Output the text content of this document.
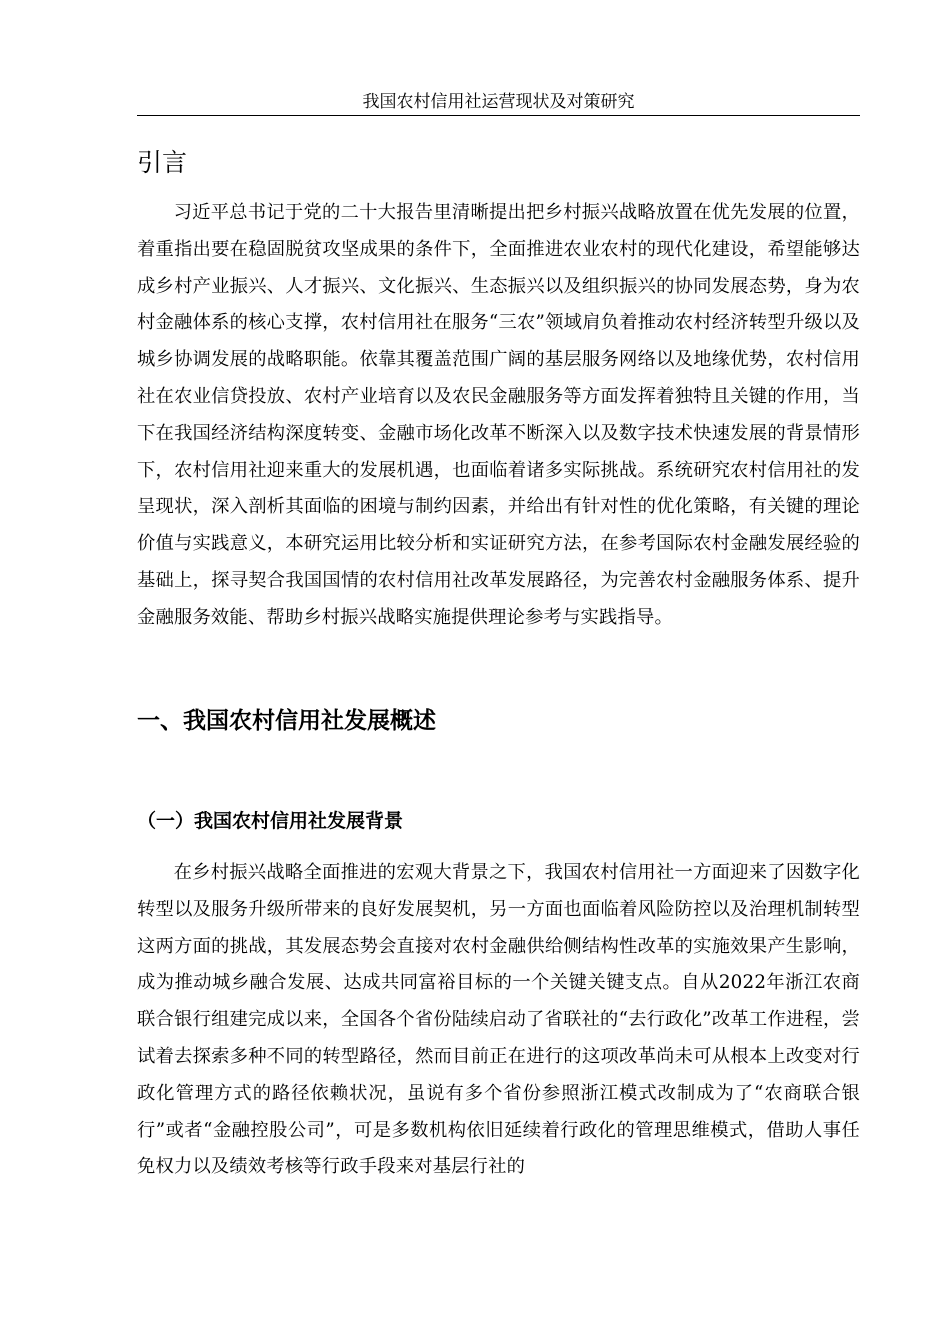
我国农村信用社运营现状及对策研究
引言

习近平总书记于党的二十大报告里清晰提出把乡村振兴战略放置在优先发展的位置，着重指出要在稳固脱贫攻坚成果的条件下，全面推进农业农村的现代化建设，希望能够达成乡村产业振兴、人才振兴、文化振兴、生态振兴以及组织振兴的协同发展态势，身为农村金融体系的核心支撑，农村信用社在服务“三农”领域肩负着推动农村经济转型升级以及城乡协调发展的战略职能。依靠其覆盖范围广阔的基层服务网络以及地缘优势，农村信用社在农业信贷投放、农村产业培育以及农民金融服务等方面发挥着独特且关键的作用，当下在我国经济结构深度转变、金融市场化改革不断深入以及数字技术快速发展的背景情形下，农村信用社迎来重大的发展机遇，也面临着诸多实际挑战。系统研究农村信用社的发呈现状，深入剖析其面临的困境与制约因素，并给出有针对性的优化策略，有关键的理论价值与实践意义，本研究运用比较分析和实证研究方法，在参考国际农村金融发展经验的基础上，探寻契合我国国情的农村信用社改革发展路径，为完善农村金融服务体系、提升金融服务效能、帮助乡村振兴战略实施提供理论参考与实践指导。

一、我国农村信用社发展概述
（一）我国农村信用社发展背景

在乡村振兴战略全面推进的宏观大背景之下，我国农村信用社一方面迎来了因数字化转型以及服务升级所带来的良好发展契机，另一方面也面临着风险防控以及治理机制转型这两方面的挑战，其发展态势会直接对农村金融供给侧结构性改革的实施效果产生影响，成为推动城乡融合发展、达成共同富裕目标的一个关键关键支点。自从2022年浙江农商联合银行组建完成以来，全国各个省份陆续启动了省联社的“去行政化”改革工作进程，尝试着去探索多种不同的转型路径，然而目前正在进行的这项改革尚未可从根本上改变对行政化管理方式的路径依赖状况，虽说有多个省份参照浙江模式改制成为了“农商联合银行”或者“金融控股公司”，可是多数机构依旧延续着行政化的管理思维模式，借助人事任免权力以及绩效考核等行政手段来对基层行社的
